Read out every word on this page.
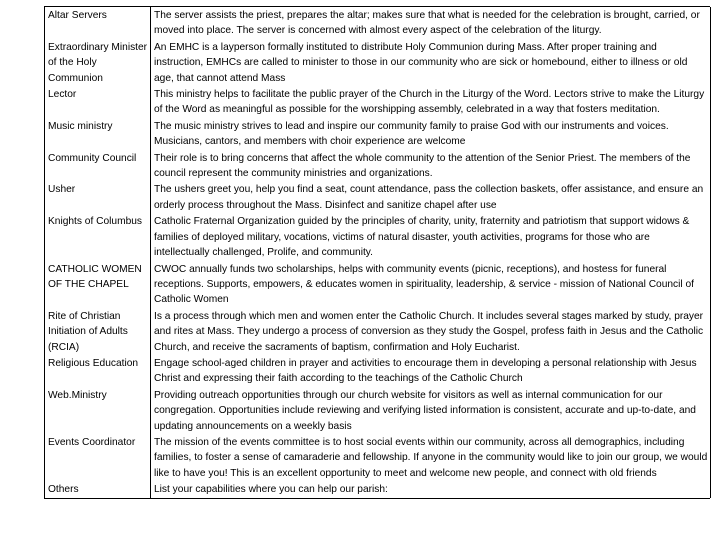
Altar Servers	The server assists the priest, prepares the altar; makes sure that what is needed for the celebration is brought, carried, or moved into place. The server is concerned with almost every aspect of the celebration of the liturgy.
Extraordinary Minister of the Holy Communion	An EMHC is a layperson formally instituted to distribute Holy Communion during Mass. After proper training and instruction, EMHCs are called to minister to those in our community who are sick or homebound, either to illness or old age, that cannot attend Mass
Lector	This ministry helps to facilitate the public prayer of the Church in the Liturgy of the Word. Lectors strive to make the Liturgy of the Word as meaningful as possible for the worshipping assembly, celebrated in a way that fosters meditation.
Music ministry	The music ministry strives to lead and inspire our community family to praise God with our instruments and voices. Musicians, cantors, and members with choir experience are welcome
Community Council	Their role is to bring concerns that affect the whole community to the attention of the Senior Priest. The members of the council represent the community ministries and organizations.
Usher	The ushers greet you, help you find a seat, count attendance, pass the collection baskets, offer assistance, and ensure an orderly process throughout the Mass. Disinfect and sanitize chapel after use
Knights of Columbus	Catholic Fraternal Organization guided by the principles of charity, unity, fraternity and patriotism that support widows & families of deployed military, vocations, victims of natural disaster, youth activities, programs for those who are intellectually challenged, Prolife, and community.
CATHOLIC WOMEN OF THE CHAPEL	CWOC annually funds two scholarships, helps with community events (picnic, receptions), and hostess for funeral receptions. Supports, empowers, & educates women in spirituality, leadership, & service - mission of National Council of Catholic Women
Rite of Christian Initiation of Adults (RCIA)	Is a process through which men and women enter the Catholic Church. It includes several stages marked by study, prayer and rites at Mass. They undergo a process of conversion as they study the Gospel, profess faith in Jesus and the Catholic Church, and receive the sacraments of baptism, confirmation and Holy Eucharist.
Religious Education	Engage school-aged children in prayer and activities to encourage them in developing a personal relationship with Jesus Christ and expressing their faith according to the teachings of the Catholic Church
Web.Ministry	Providing outreach opportunities through our church website for visitors as well as internal communication for our congregation. Opportunities include reviewing and verifying listed information is consistent, accurate and up-to-date, and updating announcements on a weekly basis
Events Coordinator	The mission of the events committee is to host social events within our community, across all demographics, including families, to foster a sense of camaraderie and fellowship. If anyone in the community would like to join our group, we would like to have you! This is an excellent opportunity to meet and welcome new people, and connect with old friends
Others	List your capabilities where you can help our parish:
